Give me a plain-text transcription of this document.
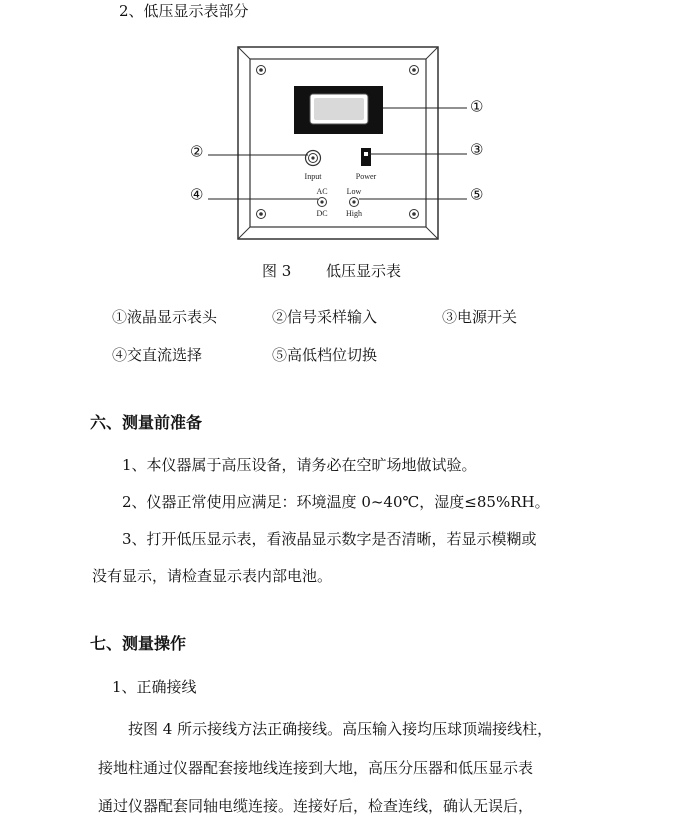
2、低压显示表部分
Input	Power
AC
DC
Low
High
①
②	③
④	⑤
图 3 低压显示表
①液晶显示表头	②信号采样输入	③电源开关
④交直流选择	⑤高低档位切换
六、测量前准备
1、本仪器属于高压设备，请务必在空旷场地做试验。
2、仪器正常使用应满足：环境温度 0~40℃，湿度≤85%RH。
3、打开低压显示表，看液晶显示数字是否清晰，若显示模糊或
没有显示，请检查显示表内部电池。
七、测量操作
1、正确接线
按图 4 所示接线方法正确接线。高压输入接均压球顶端接线柱，
接地柱通过仪器配套接地线连接到大地，高压分压器和低压显示表
通过仪器配套同轴电缆连接。连接好后，检查连线，确认无误后，
